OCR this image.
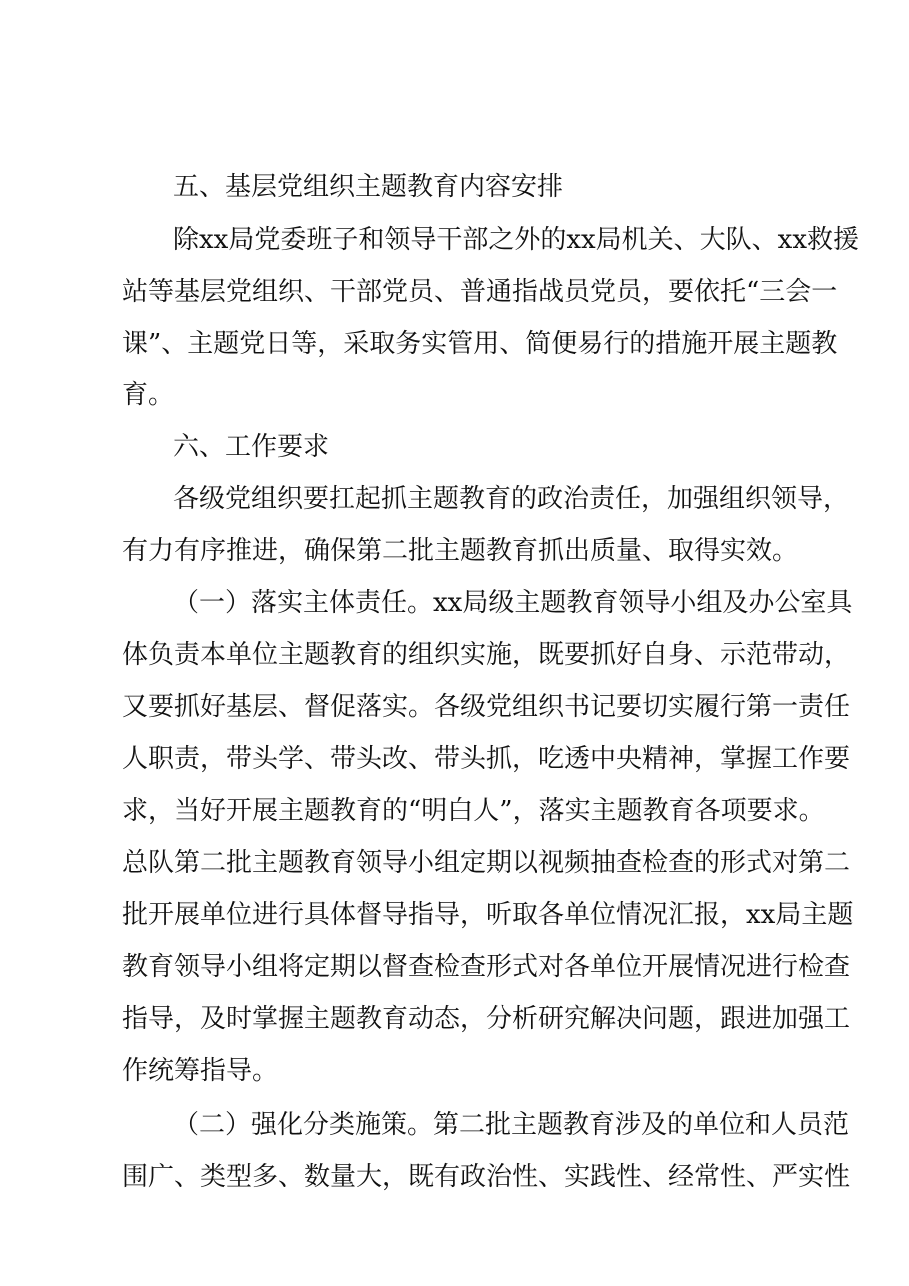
五、基层党组织主题教育内容安排
除xx局党委班子和领导干部之外的xx局机关、大队、xx救援
站等基层党组织、干部党员、普通指战员党员，要依托“三会一
课”、主题党日等，采取务实管用、简便易行的措施开展主题教
育。
六、工作要求
各级党组织要扛起抓主题教育的政治责任，加强组织领导，
有力有序推进，确保第二批主题教育抓出质量、取得实效。
（一）落实主体责任。xx局级主题教育领导小组及办公室具
体负责本单位主题教育的组织实施，既要抓好自身、示范带动，
又要抓好基层、督促落实。各级党组织书记要切实履行第一责任
人职责，带头学、带头改、带头抓，吃透中央精神，掌握工作要
求，当好开展主题教育的“明白人”，落实主题教育各项要求。
总队第二批主题教育领导小组定期以视频抽查检查的形式对第二
批开展单位进行具体督导指导，听取各单位情况汇报，xx局主题
教育领导小组将定期以督查检查形式对各单位开展情况进行检查
指导，及时掌握主题教育动态，分析研究解决问题，跟进加强工
作统筹指导。
（二）强化分类施策。第二批主题教育涉及的单位和人员范
围广、类型多、数量大，既有政治性、实践性、经常性、严实性
